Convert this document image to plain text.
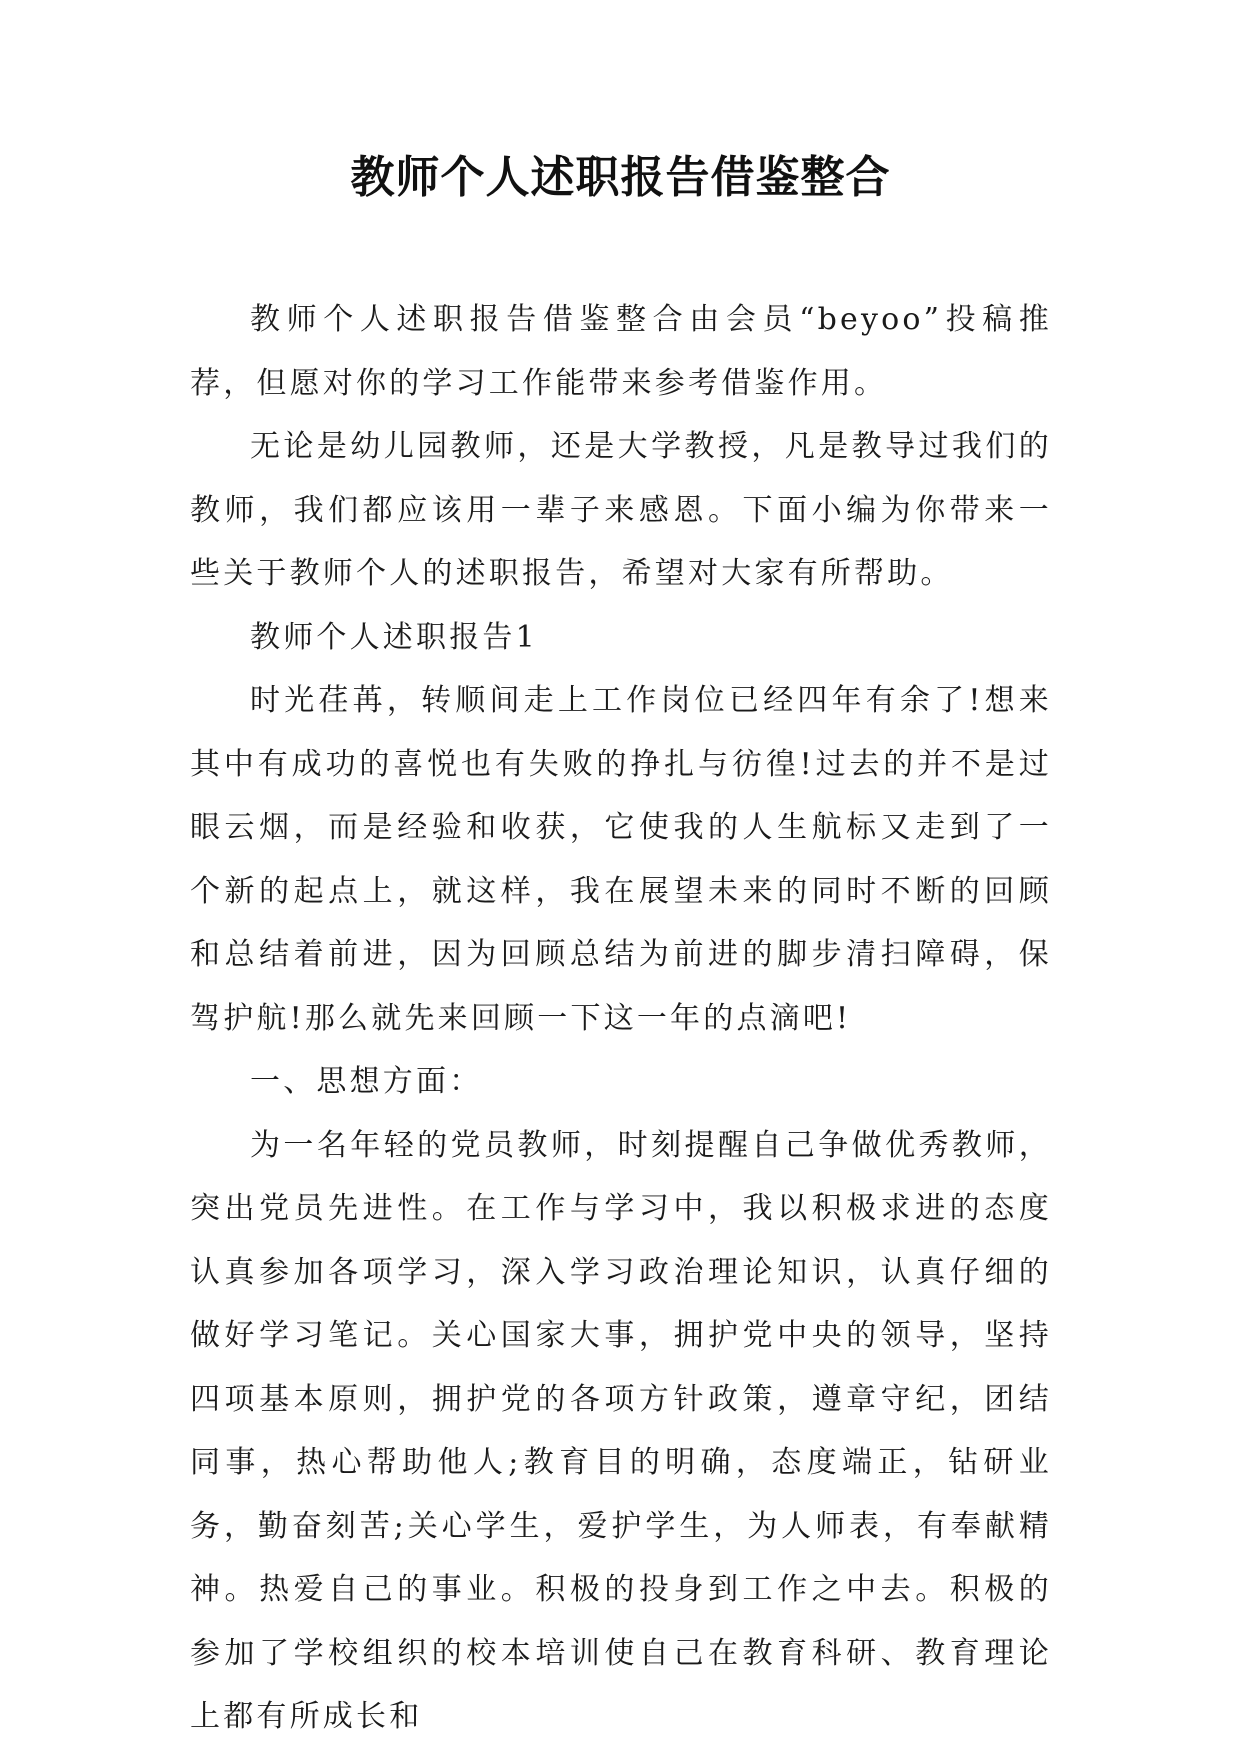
教师个人述职报告借鉴整合

教师个人述职报告借鉴整合由会员“beyoo”投稿推荐，但愿对你的学习工作能带来参考借鉴作用。

无论是幼儿园教师，还是大学教授，凡是教导过我们的教师，我们都应该用一辈子来感恩。下面小编为你带来一些关于教师个人的述职报告，希望对大家有所帮助。

教师个人述职报告1

时光荏苒，转顺间走上工作岗位已经四年有余了!想来其中有成功的喜悦也有失败的挣扎与彷徨!过去的并不是过眼云烟，而是经验和收获，它使我的人生航标又走到了一个新的起点上，就这样，我在展望未来的同时不断的回顾和总结着前进，因为回顾总结为前进的脚步清扫障碍，保驾护航!那么就先来回顾一下这一年的点滴吧!

一、思想方面：

为一名年轻的党员教师，时刻提醒自己争做优秀教师，突出党员先进性。在工作与学习中，我以积极求进的态度认真参加各项学习，深入学习政治理论知识，认真仔细的做好学习笔记。关心国家大事，拥护党中央的领导，坚持四项基本原则，拥护党的各项方针政策，遵章守纪，团结同事，热心帮助他人;教育目的明确，态度端正，钻研业务，勤奋刻苦;关心学生，爱护学生，为人师表，有奉献精神。热爱自己的事业。积极的投身到工作之中去。积极的参加了学校组织的校本培训使自己在教育科研、教育理论上都有所成长和
